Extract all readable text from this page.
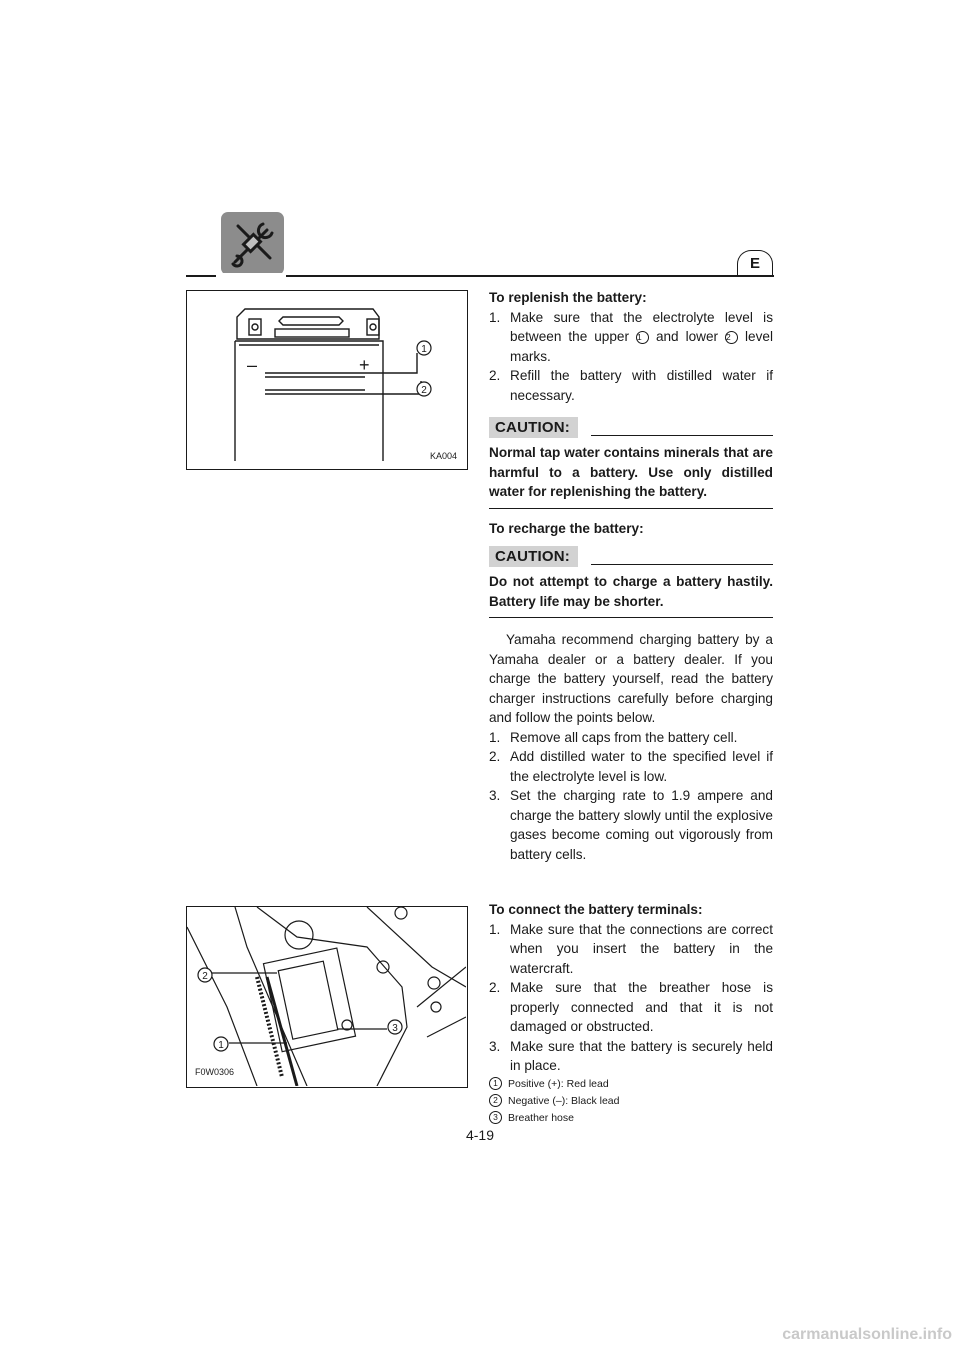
E
–	+
1
2
KA004
2
1
3
F0W0306

To replenish the battery:

1. Make sure that the electrolyte level is between the upper 1 and lower 2 level marks.

2. Refill the battery with distilled water if necessary.

CAUTION:

Normal tap water contains minerals that are harmful to a battery. Use only distilled water for replenishing the battery.

To recharge the battery:

CAUTION:

Do not attempt to charge a battery hastily. Battery life may be shorter.

Yamaha recommend charging battery by a Yamaha dealer or a battery dealer. If you charge the battery yourself, read the battery charger instructions carefully before charging and follow the points below.

1. Remove all caps from the battery cell.

2. Add distilled water to the specified level if the electrolyte level is low.

3. Set the charging rate to 1.9 ampere and charge the battery slowly until the explosive gases become coming out vigorously from battery cells.

To connect the battery terminals:

1. Make sure that the connections are correct when you insert the battery in the watercraft.

2. Make sure that the breather hose is properly connected and that it is not damaged or obstructed.

3. Make sure that the battery is securely held in place.

1 Positive (+): Red lead

2 Negative (–): Black lead

3 Breather hose

4-19
carmanualsonline.info
